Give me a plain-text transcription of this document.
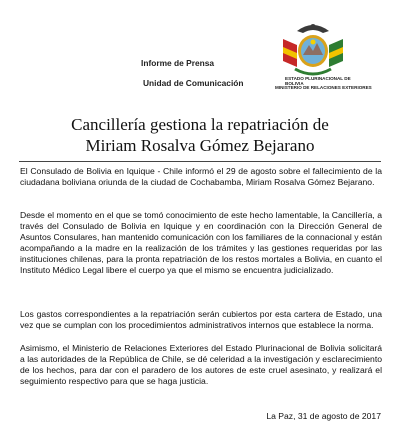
Informe de Prensa
Unidad de Comunicación	ESTADO PLURINACIONAL DE BOLIVIA
MINISTERIO DE RELACIONES EXTERIORES
Cancillería gestiona la repatriación de
Miriam Rosalva Gómez Bejarano
El Consulado de Bolivia en Iquique - Chile informó el 29 de agosto sobre el fallecimiento de la ciudadana boliviana oriunda de la ciudad de Cochabamba, Miriam Rosalva Gómez Bejarano.
Desde el momento en el que se tomó conocimiento de este hecho lamentable, la Cancillería, a través del Consulado de Bolivia en Iquique y en coordinación con la Dirección General de Asuntos Consulares, han mantenido comunicación con los familiares de la connacional y están acompañando a la madre en la realización de los trámites y las gestiones requeridas por las instituciones chilenas, para la pronta repatriación de los restos mortales a Bolivia, en cuanto el Instituto Médico Legal libere el cuerpo ya que el mismo se encuentra judicializado.
Los gastos correspondientes a la repatriación serán cubiertos por esta cartera de Estado, una vez que se cumplan con los procedimientos administrativos internos que establece la norma.
Asimismo, el Ministerio de Relaciones Exteriores del Estado Plurinacional de Bolivia solicitará a las autoridades de la República de Chile, se dé celeridad a la investigación y esclarecimiento de los hechos, para dar con el paradero de los autores de este cruel asesinato, y realizará el seguimiento respectivo para que se haga justicia.
La Paz, 31 de agosto de 2017
